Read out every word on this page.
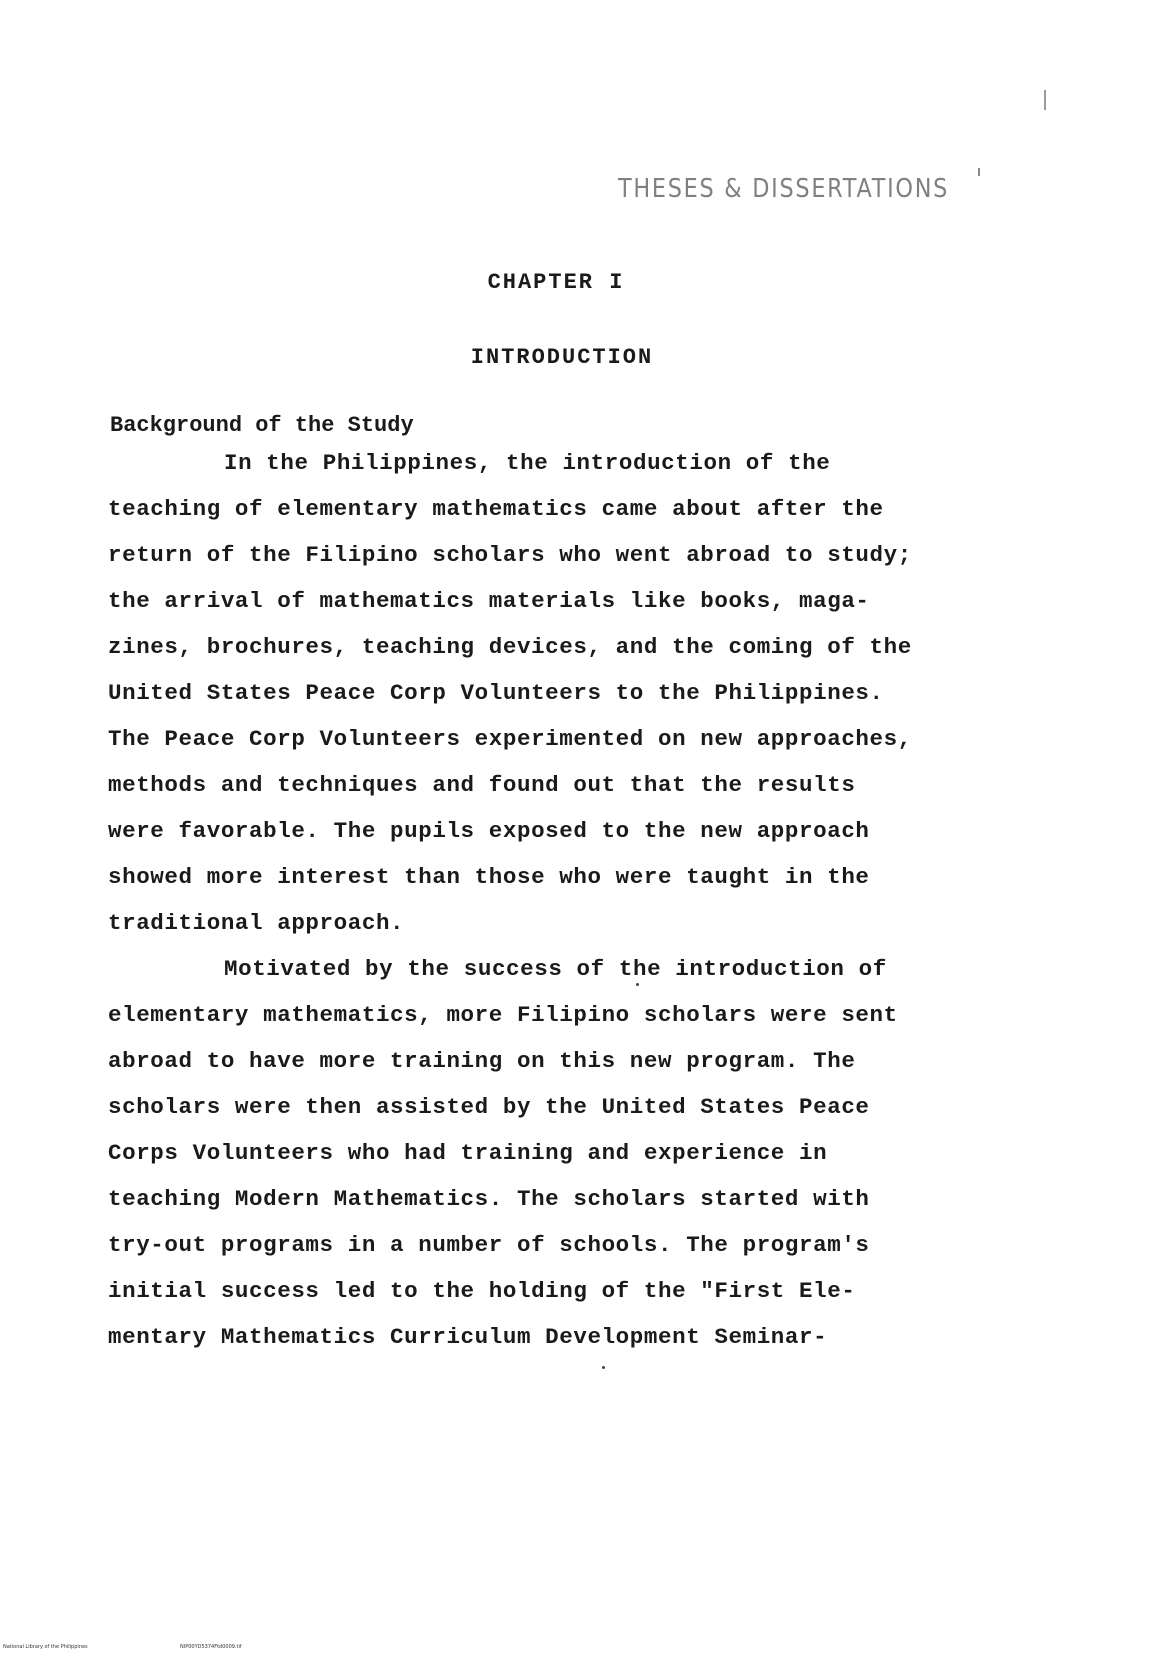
THESES & DISSERTATIONS
CHAPTER I
INTRODUCTION
Background of the Study
In the Philippines, the introduction of the
teaching of elementary mathematics came about after the
return of the Filipino scholars who went abroad to study;
the arrival of mathematics materials like books, maga-
zines, brochures, teaching devices, and the coming of the
United States Peace Corp Volunteers to the Philippines.
The Peace Corp Volunteers experimented on new approaches,
methods and techniques and found out that the results
were favorable. The pupils exposed to the new approach
showed more interest than those who were taught in the
traditional approach.
Motivated by the success of the introduction of
elementary mathematics, more Filipino scholars were sent
abroad to have more training on this new program. The
scholars were then assisted by the United States Peace
Corps Volunteers who had training and experience in
teaching Modern Mathematics. The scholars started with
try-out programs in a number of schools. The program's
initial success led to the holding of the "First Ele-
mentary Mathematics Curriculum Development Seminar-
National Library of the Philippines	NIP00YD5374Ftd0009.tif
